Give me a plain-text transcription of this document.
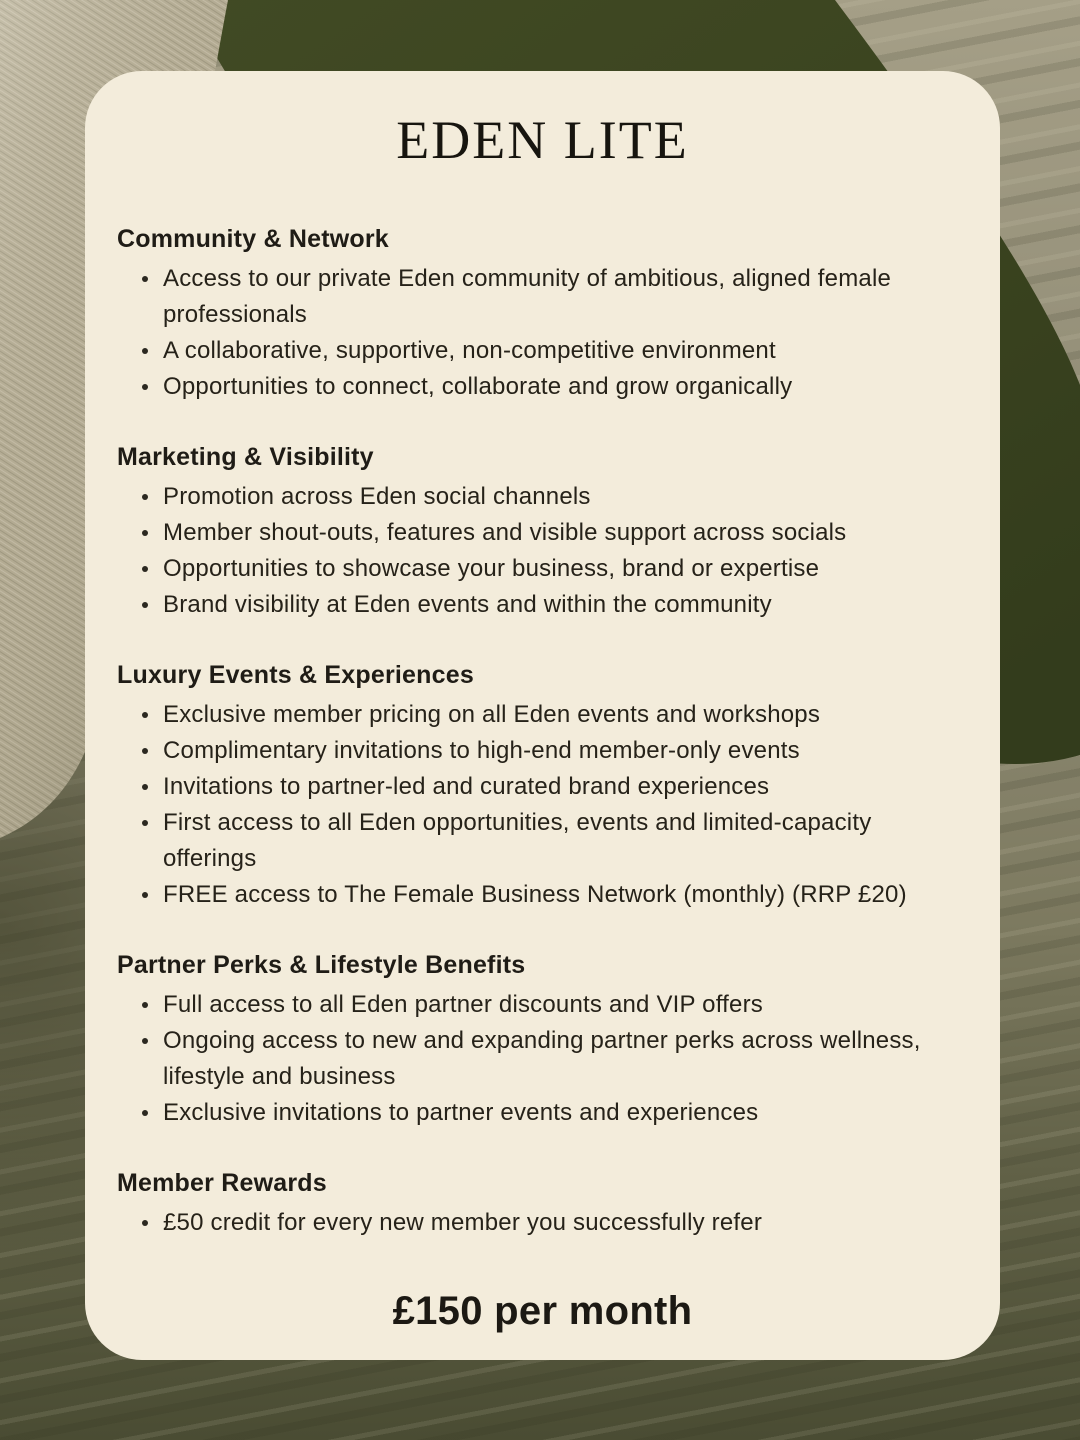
EDEN LITE
Community & Network
Access to our private Eden community of ambitious, aligned female professionals
A collaborative, supportive, non-competitive environment
Opportunities to connect, collaborate and grow organically
Marketing & Visibility
Promotion across Eden social channels
Member shout-outs, features and visible support across socials
Opportunities to showcase your business, brand or expertise
Brand visibility at Eden events and within the community
Luxury Events & Experiences
Exclusive member pricing on all Eden events and workshops
Complimentary invitations to high-end member-only events
Invitations to partner-led and curated brand experiences
First access to all Eden opportunities, events and limited-capacity offerings
FREE access to The Female Business Network (monthly) (RRP £20)
Partner Perks & Lifestyle Benefits
Full access to all Eden partner discounts and VIP offers
Ongoing access to new and expanding partner perks across wellness, lifestyle and business
Exclusive invitations to partner events and experiences
Member Rewards
£50 credit for every new member you successfully refer
£150 per month
